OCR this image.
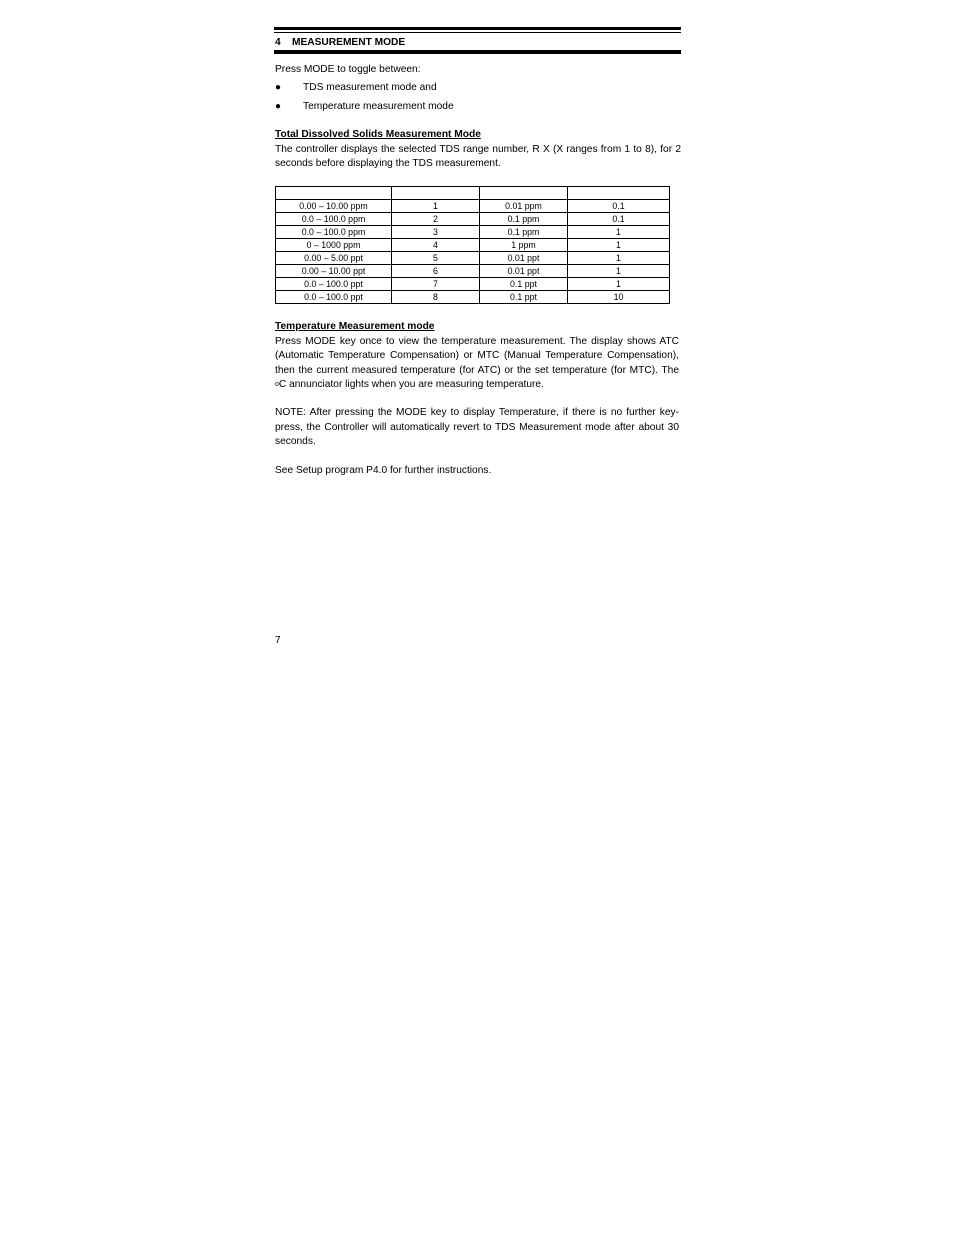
4 MEASUREMENT MODE
Press MODE to toggle between:
● TDS measurement mode and
● Temperature measurement mode
Total Dissolved Solids Measurement Mode
The controller displays the selected TDS range number, R X (X ranges from 1 to 8), for 2 seconds before displaying the TDS measurement.

0.00 – 10.00 ppm	1	0.01 ppm	0.1
0.0 – 100.0 ppm	2	0.1 ppm	0.1
0.0 – 100.0 ppm	3	0.1 ppm	1
0 – 1000 ppm	4	1 ppm	1
0.00 – 5.00 ppt	5	0.01 ppt	1
0.00 – 10.00 ppt	6	0.01 ppt	1
0.0 – 100.0 ppt	7	0.1 ppt	1
0.0 – 100.0 ppt	8	0.1 ppt	10
Temperature Measurement mode
Press MODE key once to view the temperature measurement. The display shows ATC (Automatic Temperature Compensation) or MTC (Manual Temperature Compensation), then the current measured temperature (for ATC) or the set temperature (for MTC). The oC annunciator lights when you are measuring temperature.
NOTE: After pressing the MODE key to display Temperature, if there is no further key-press, the Controller will automatically revert to TDS Measurement mode after about 30 seconds.
See Setup program P4.0 for further instructions.
7
